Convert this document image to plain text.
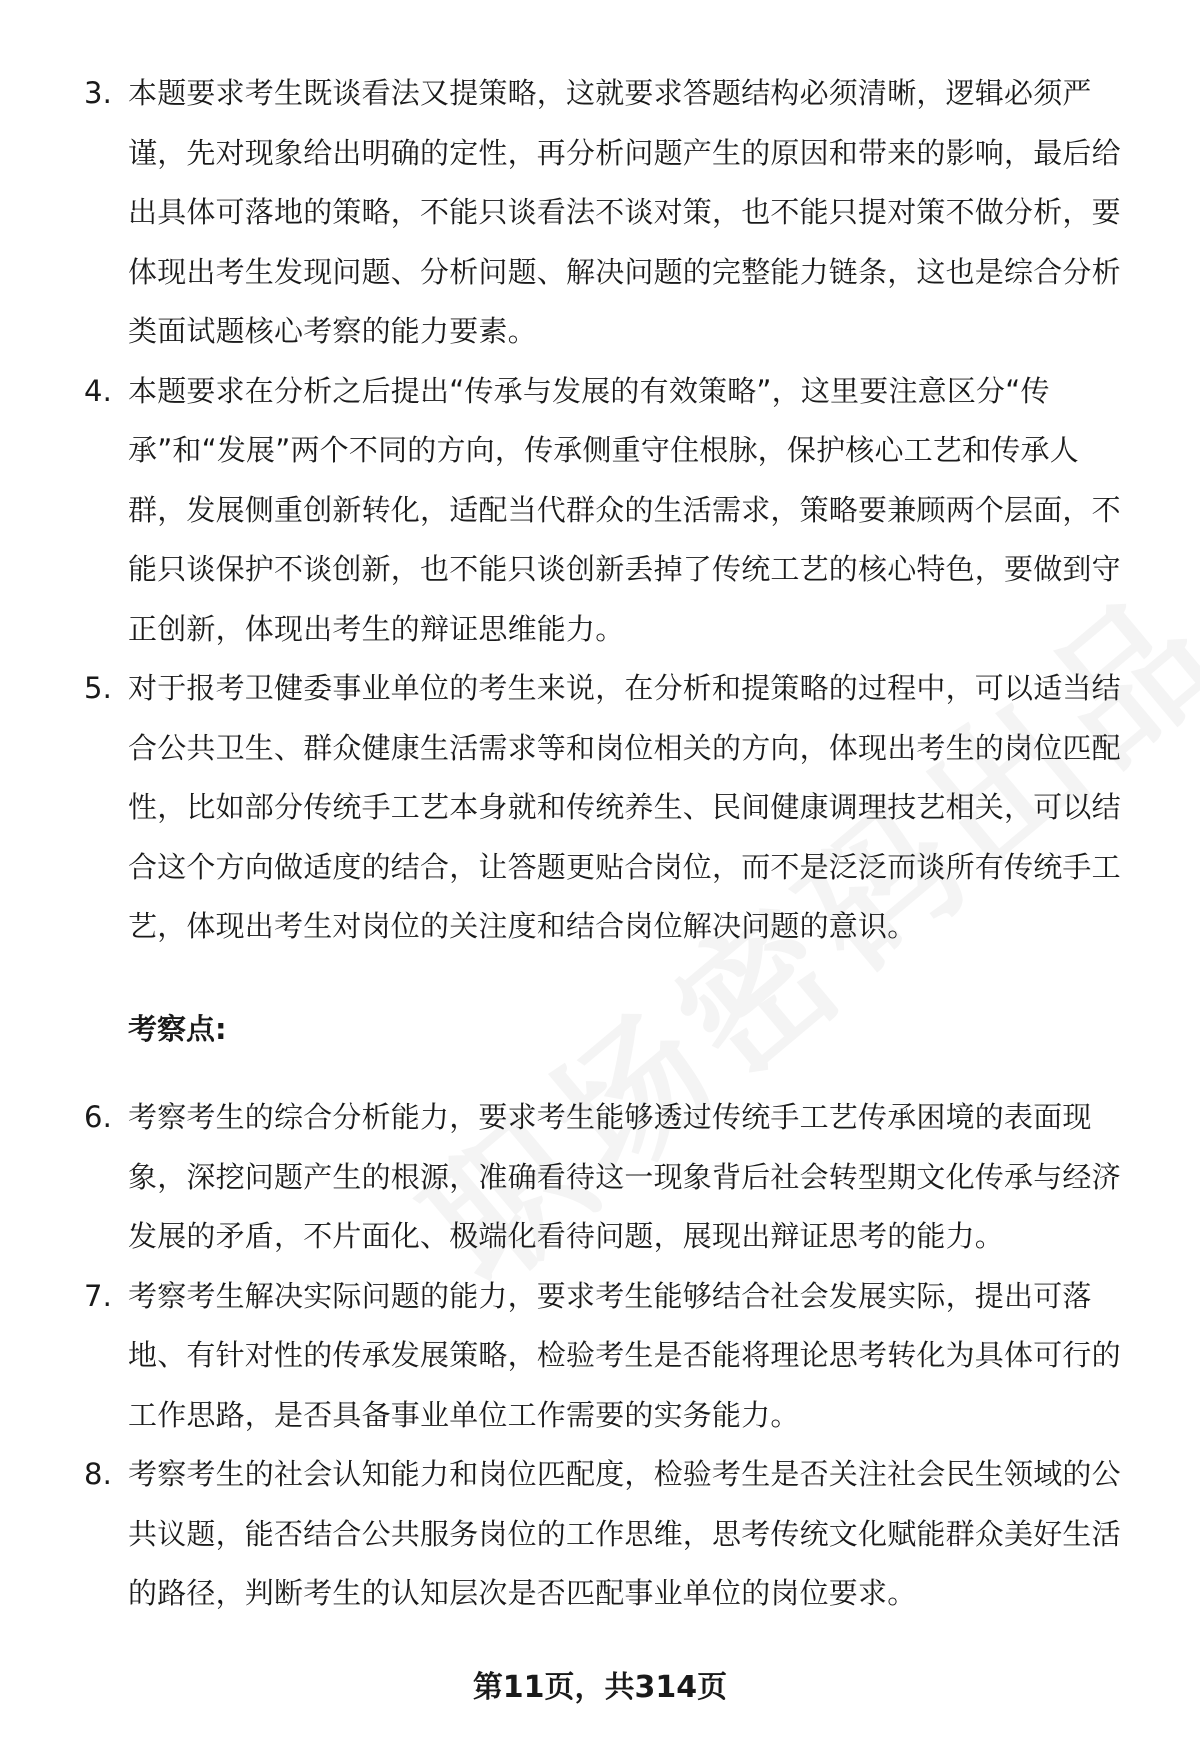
3. 本题要求考生既谈看法又提策略，这就要求答题结构必须清晰，逻辑必须严谨，先对现象给出明确的定性，再分析问题产生的原因和带来的影响，最后给出具体可落地的策略，不能只谈看法不谈对策，也不能只提对策不做分析，要体现出考生发现问题、分析问题、解决问题的完整能力链条，这也是综合分析类面试题核心考察的能力要素。
4. 本题要求在分析之后提出“传承与发展的有效策略”，这里要注意区分“传承”和“发展”两个不同的方向，传承侧重守住根脉，保护核心工艺和传承人群，发展侧重创新转化，适配当代群众的生活需求，策略要兼顾两个层面，不能只谈保护不谈创新，也不能只谈创新丢掉了传统工艺的核心特色，要做到守正创新，体现出考生的辩证思维能力。
5. 对于报考卫健委事业单位的考生来说，在分析和提策略的过程中，可以适当结合公共卫生、群众健康生活需求等和岗位相关的方向，体现出考生的岗位匹配性，比如部分传统手工艺本身就和传统养生、民间健康调理技艺相关，可以结合这个方向做适度的结合，让答题更贴合岗位，而不是泛泛而谈所有传统手工艺，体现出考生对岗位的关注度和结合岗位解决问题的意识。
考察点:
6. 考察考生的综合分析能力，要求考生能够透过传统手工艺传承困境的表面现象，深挖问题产生的根源，准确看待这一现象背后社会转型期文化传承与经济发展的矛盾，不片面化、极端化看待问题，展现出辩证思考的能力。
7. 考察考生解决实际问题的能力，要求考生能够结合社会发展实际，提出可落地、有针对性的传承发展策略，检验考生是否能将理论思考转化为具体可行的工作思路，是否具备事业单位工作需要的实务能力。
8. 考察考生的社会认知能力和岗位匹配度，检验考生是否关注社会民生领域的公共议题，能否结合公共服务岗位的工作思维，思考传统文化赋能群众美好生活的路径，判断考生的认知层次是否匹配事业单位的岗位要求。
第11页，共314页
